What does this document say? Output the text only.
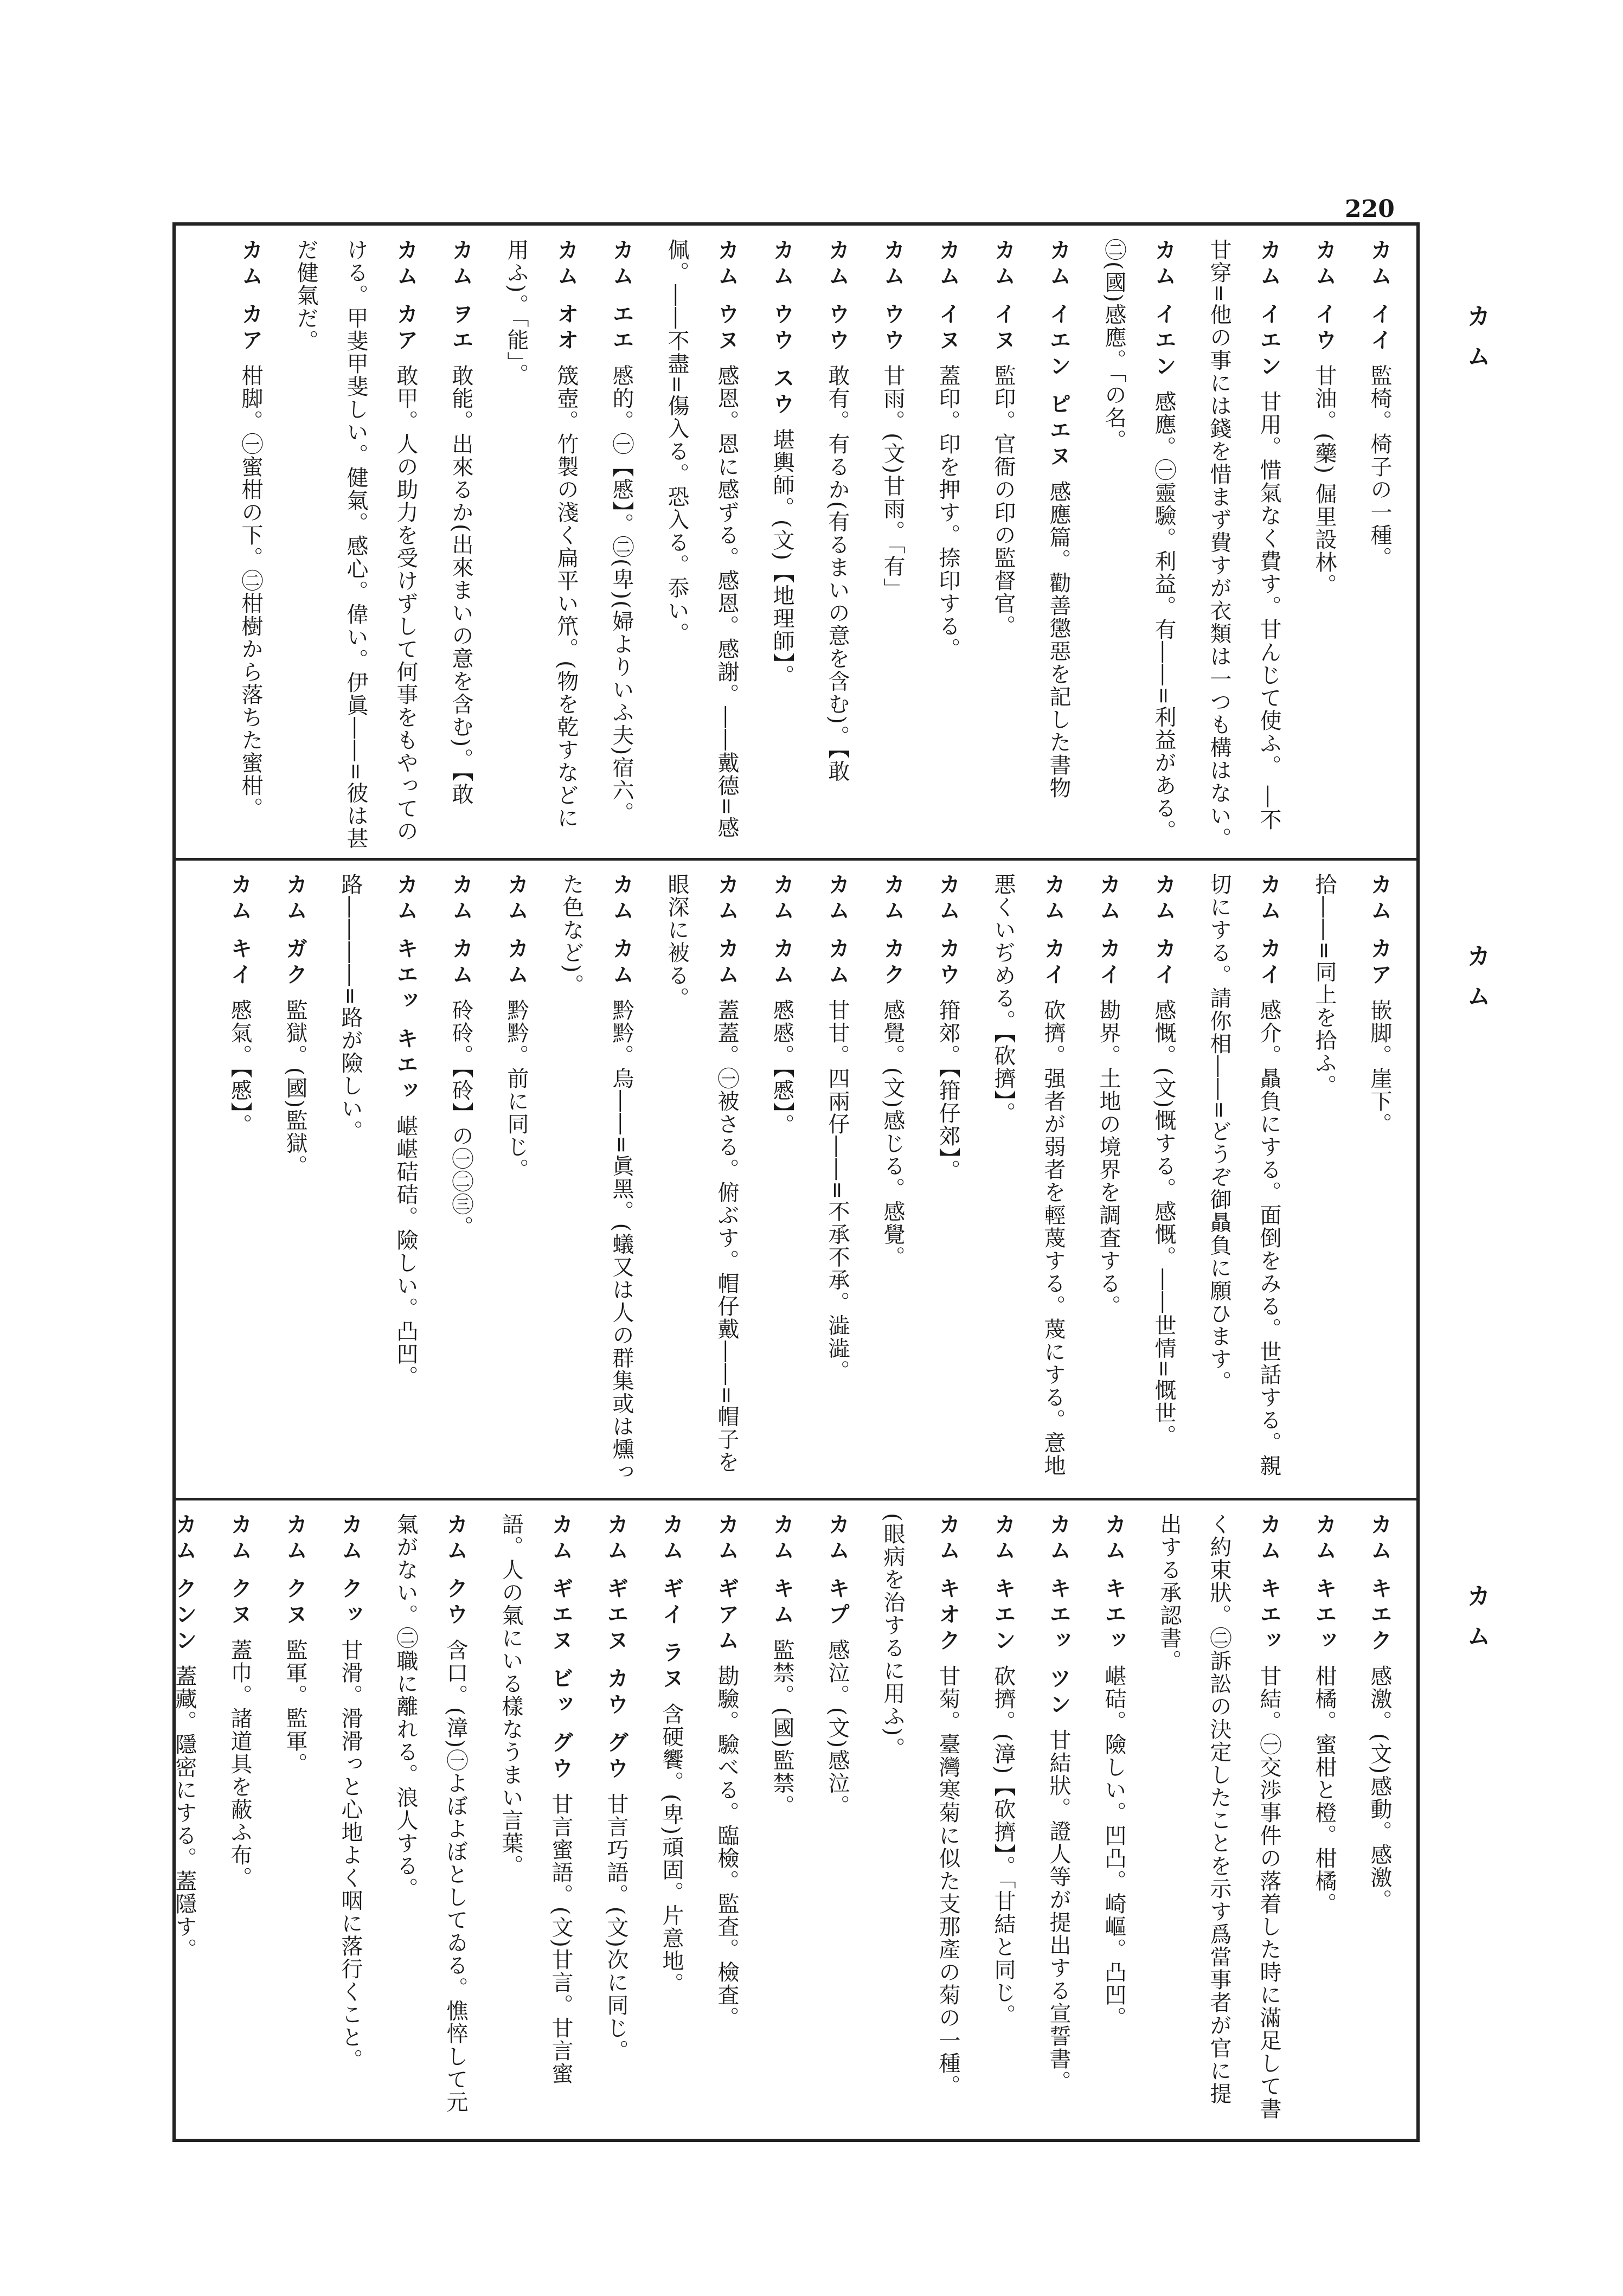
220
カム
カム
カム
カム イイ監椅。椅子の一種。
カム イウ甘油。(藥) 倔里設林。
カム イエン甘用。惜氣なく費す。甘んじて使ふ。 ―不甘穿=他の事には錢を惜まず費すが衣類は一つも構はない。
カム イエン感應。㊀靈驗。利益。有――=利益がある。㊁(國)感應。「の名。
カム イエン ピエヌ感應篇。勸善懲惡を記した書物
カム イヌ監印。官衙の印の監督官。
カム イヌ蓋印。印を押す。捺印する。
カム ウウ甘雨。(文)甘雨。「有」
カム ウウ敢有。有るか(有るまいの意を含む)。【敢
カム ウウ スウ堪輿師。(文)【地理師】。
カム ウヌ感恩。恩に感ずる。感恩。感謝。――戴德=感佩。――不盡=傷入る。恐入る。忝い。
カム エエ慼的。㊀【慼】。㊁(卑)(婦よりいふ夫)宿六。
カム オオ筬壺。竹製の淺く扁平い笊。(物を乾すなどに用ふ)。「能」。
カム ヲエ敢能。出來るか(出來まいの意を含む)。【敢
カム カア敢甲。人の助力を受けずして何事をもやってのける。甲斐甲斐しい。健氣。感心。偉い。伊眞――=彼は甚だ健氣だ。
カム カア柑脚。㊀蜜柑の下。㊁柑樹から落ちた蜜柑。
カム カア嵌脚。崖下。
拾――=同上を拾ふ。
カム カイ感介。贔負にする。面倒をみる。世話する。親切にする。請你相――=どうぞ御贔負に願ひます。
カム カイ感慨。(文)慨する。感慨。――世情=慨世。
カム カイ勘界。土地の境界を調査する。
カム カイ砍擠。强者が弱者を輕蔑する。蔑にする。意地悪くいぢめる。【砍擠】。
カム カウ箝郊。【箝仔郊】。
カム カク感覺。(文)感じる。感覺。
カム カム甘甘。四兩仔――=不承不承。澁澁。
カム カム慼慼。【慼】。
カム カム蓋蓋。㊀被さる。俯ぶす。帽仔戴――=帽子を眼深に被る。
カム カム黔黔。烏――=眞黑。(蟻又は人の群集或は燻った色など)。
カム カム黔黔。前に同じ。
カム カム砱砱。【砱】の㊀㊁㊂。
カム キエッ キエッ嵁嵁硈硈。險しい。凸凹。
路――――=路が險しい。
カム ガク監獄。(國)監獄。
カム キイ慼氣。【慼】。
カム キエク感激。(文)感動。感激。
カム キエッ柑橘。蜜柑と橙。柑橘。
カム キエッ甘結。㊀交渉事件の落着した時に滿足して書く約束狀。㊁訴訟の決定したことを示す爲當事者が官に提出する承認書。
カム キエッ嵁硈。險しい。凹凸。崎嶇。凸凹。
カム キエッ ツン甘結狀。證人等が提出する宣誓書。
カム キエン砍擠。(漳)【砍擠】。「甘結と同じ。
カム キオク甘菊。臺灣寒菊に似た支那產の菊の一種。
(眼病を治するに用ふ)。
カム キプ感泣。(文)感泣。
カム キム監禁。(國)監禁。
カム ギアム勘驗。驗べる。臨檢。監査。檢査。
カム ギイ ラヌ含硬饗。(卑)頑固。片意地。
カム ギエヌ カウ グウ甘言巧語。(文)次に同じ。
カム ギエヌ ビッ グウ甘言蜜語。(文)甘言。甘言蜜語。人の氣にいる樣なうまい言葉。
カム クウ含口。(漳)㊀よぼよぼとしてゐる。憔悴して元氣がない。㊁職に離れる。浪人する。
カム クッ甘滑。滑滑っと心地よく咽に落行くこと。
カム クヌ監軍。監軍。
カム クヌ蓋巾。諸道具を蔽ふ布。
カム クンン蓋藏。隱密にする。蓋隱す。
